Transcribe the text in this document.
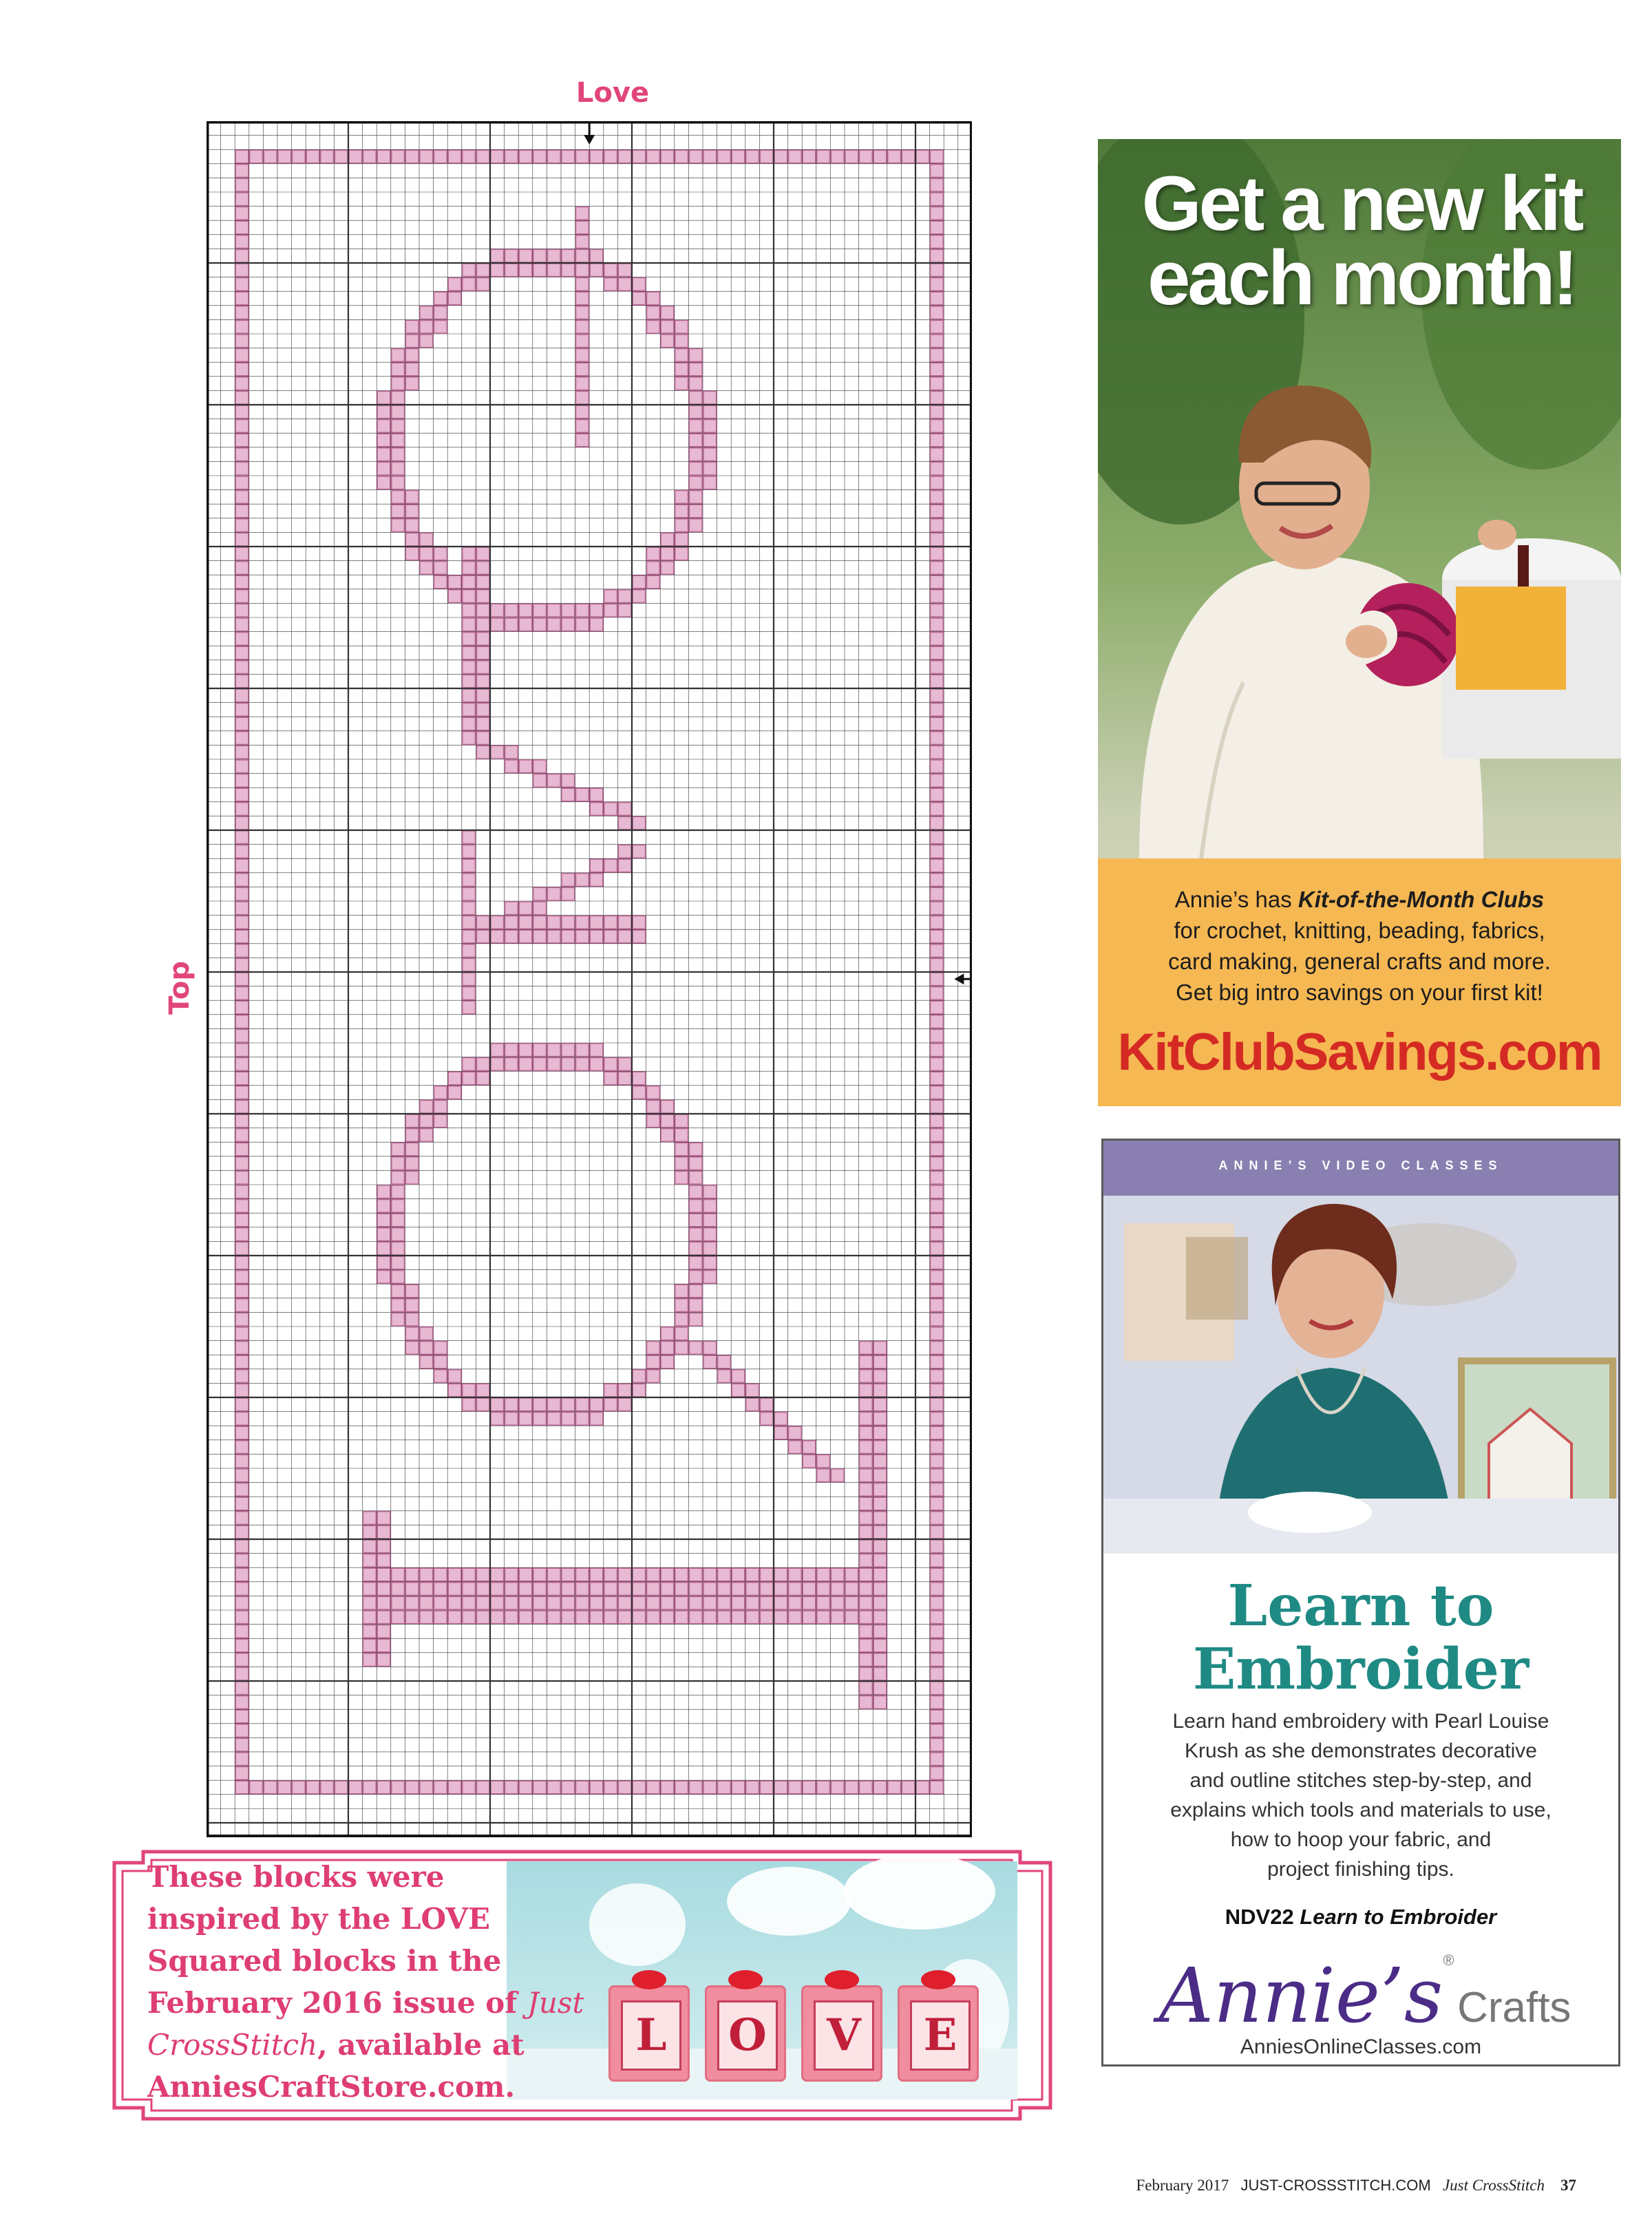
Love
Top
These blocks were
inspired by the LOVE
Squared blocks in the
February 2016 issue of Just
CrossStitch, available at
AnniesCraftStore.com.
L	O V	E
Get a new kit
each month!
Annie’s has Kit-of-the-Month Clubs
for crochet, knitting, beading, fabrics,
card making, general crafts and more.
Get big intro savings on your first kit!
KitClubSavings.com
ANNIE’S VIDEO CLASSES
Learn to
Embroider
Learn hand embroidery with Pearl Louise
Krush as she demonstrates decorative
and outline stitches step-by-step, and
explains which tools and materials to use,
how to hoop your fabric, and
project finishing tips.
NDV22 Learn to Embroider
Annie’s® Crafts
AnniesOnlineClasses.com
February 2017 JUST-CROSSSTITCH.COM Just CrossStitch 37
